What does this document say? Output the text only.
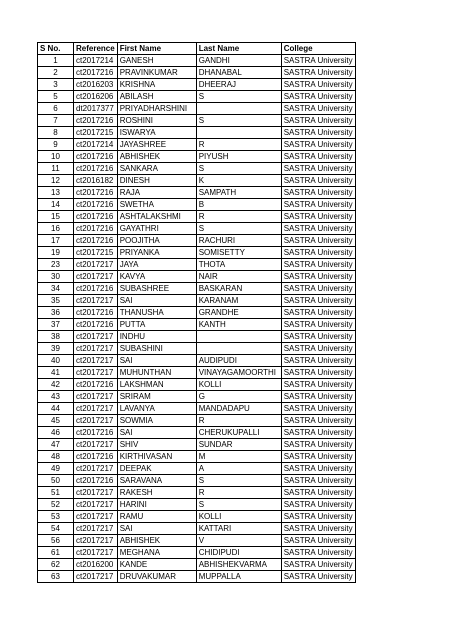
S No.	Reference	First Name	Last Name	College
1	ct2017214	GANESH	GANDHI	SASTRA University
2	ct2017216	PRAVINKUMAR	DHANABAL	SASTRA University
3	ct2016203	KRISHNA	DHEERAJ	SASTRA University
5	ct2016206	ABILASH	S	SASTRA University
6	dt2017377	PRIYADHARSHINI		SASTRA University
7	ct2017216	ROSHINI	S	SASTRA University
8	ct2017215	ISWARYA		SASTRA University
9	ct2017214	JAYASHREE	R	SASTRA University
10	ct2017216	ABHISHEK	PIYUSH	SASTRA University
11	ct2017216	SANKARA	S	SASTRA University
12	ct2016182	DINESH	K	SASTRA University
13	ct2017216	RAJA	SAMPATH	SASTRA University
14	ct2017216	SWETHA	B	SASTRA University
15	ct2017216	ASHTALAKSHMI	R	SASTRA University
16	ct2017216	GAYATHRI	S	SASTRA University
17	ct2017216	POOJITHA	RACHURI	SASTRA University
19	ct2017215	PRIYANKA	SOMISETTY	SASTRA University
23	ct2017217	JAYA	THOTA	SASTRA University
30	ct2017217	KAVYA	NAIR	SASTRA University
34	ct2017216	SUBASHREE	BASKARAN	SASTRA University
35	ct2017217	SAI	KARANAM	SASTRA University
36	ct2017216	THANUSHA	GRANDHE	SASTRA University
37	ct2017216	PUTTA	KANTH	SASTRA University
38	ct2017217	INDHU		SASTRA University
39	ct2017217	SUBASHINI		SASTRA University
40	ct2017217	SAI	AUDIPUDI	SASTRA University
41	ct2017217	MUHUNTHAN	VINAYAGAMOORTHI	SASTRA University
42	ct2017216	LAKSHMAN	KOLLI	SASTRA University
43	ct2017217	SRIRAM	G	SASTRA University
44	ct2017217	LAVANYA	MANDADAPU	SASTRA University
45	ct2017217	SOWMIA	R	SASTRA University
46	ct2017216	SAI	CHERUKUPALLI	SASTRA University
47	ct2017217	SHIV	SUNDAR	SASTRA University
48	ct2017216	KIRTHIVASAN	M	SASTRA University
49	ct2017217	DEEPAK	A	SASTRA University
50	ct2017216	SARAVANA	S	SASTRA University
51	ct2017217	RAKESH	R	SASTRA University
52	ct2017217	HARINI	S	SASTRA University
53	ct2017217	RAMU	KOLLI	SASTRA University
54	ct2017217	SAI	KATTARI	SASTRA University
56	ct2017217	ABHISHEK	V	SASTRA University
61	ct2017217	MEGHANA	CHIDIPUDI	SASTRA University
62	ct2016200	KANDE	ABHISHEKVARMA	SASTRA University
63	ct2017217	DRUVAKUMAR	MUPPALLA	SASTRA University
